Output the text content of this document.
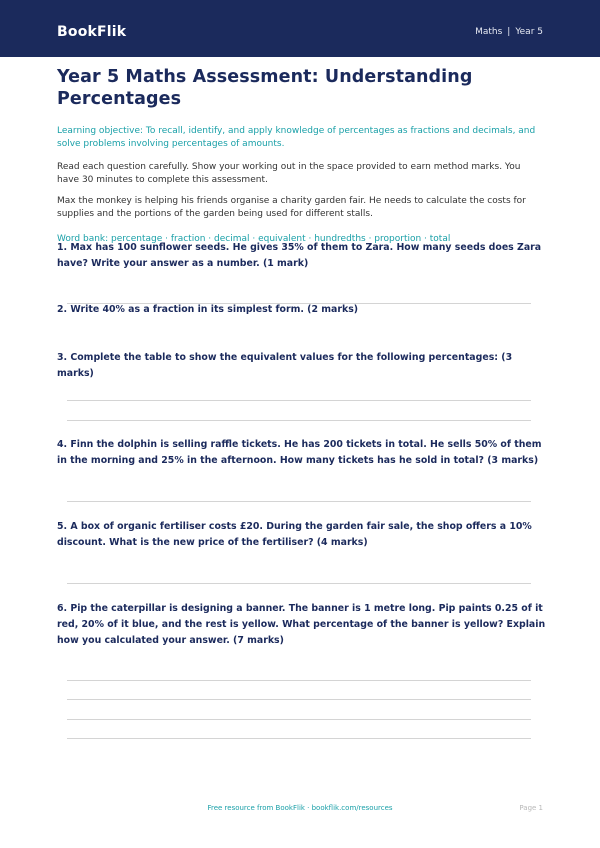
BookFlik	Maths | Year 5
Year 5 Maths Assessment: Understanding Percentages
Learning objective: To recall, identify, and apply knowledge of percentages as fractions and decimals, and solve problems involving percentages of amounts.
Read each question carefully. Show your working out in the space provided to earn method marks. You have 30 minutes to complete this assessment.
Max the monkey is helping his friends organise a charity garden fair. He needs to calculate the costs for supplies and the portions of the garden being used for different stalls.
Word bank: percentage · fraction · decimal · equivalent · hundredths · proportion · total
1. Max has 100 sunflower seeds. He gives 35% of them to Zara. How many seeds does Zara have? Write your answer as a number. (1 mark)
2. Write 40% as a fraction in its simplest form. (2 marks)
3. Complete the table to show the equivalent values for the following percentages: (3 marks)
4. Finn the dolphin is selling raffle tickets. He has 200 tickets in total. He sells 50% of them in the morning and 25% in the afternoon. How many tickets has he sold in total? (3 marks)
5. A box of organic fertiliser costs £20. During the garden fair sale, the shop offers a 10% discount. What is the new price of the fertiliser? (4 marks)
6. Pip the caterpillar is designing a banner. The banner is 1 metre long. Pip paints 0.25 of it red, 20% of it blue, and the rest is yellow. What percentage of the banner is yellow? Explain how you calculated your answer. (7 marks)
Free resource from BookFlik · bookflik.com/resources	Page 1
